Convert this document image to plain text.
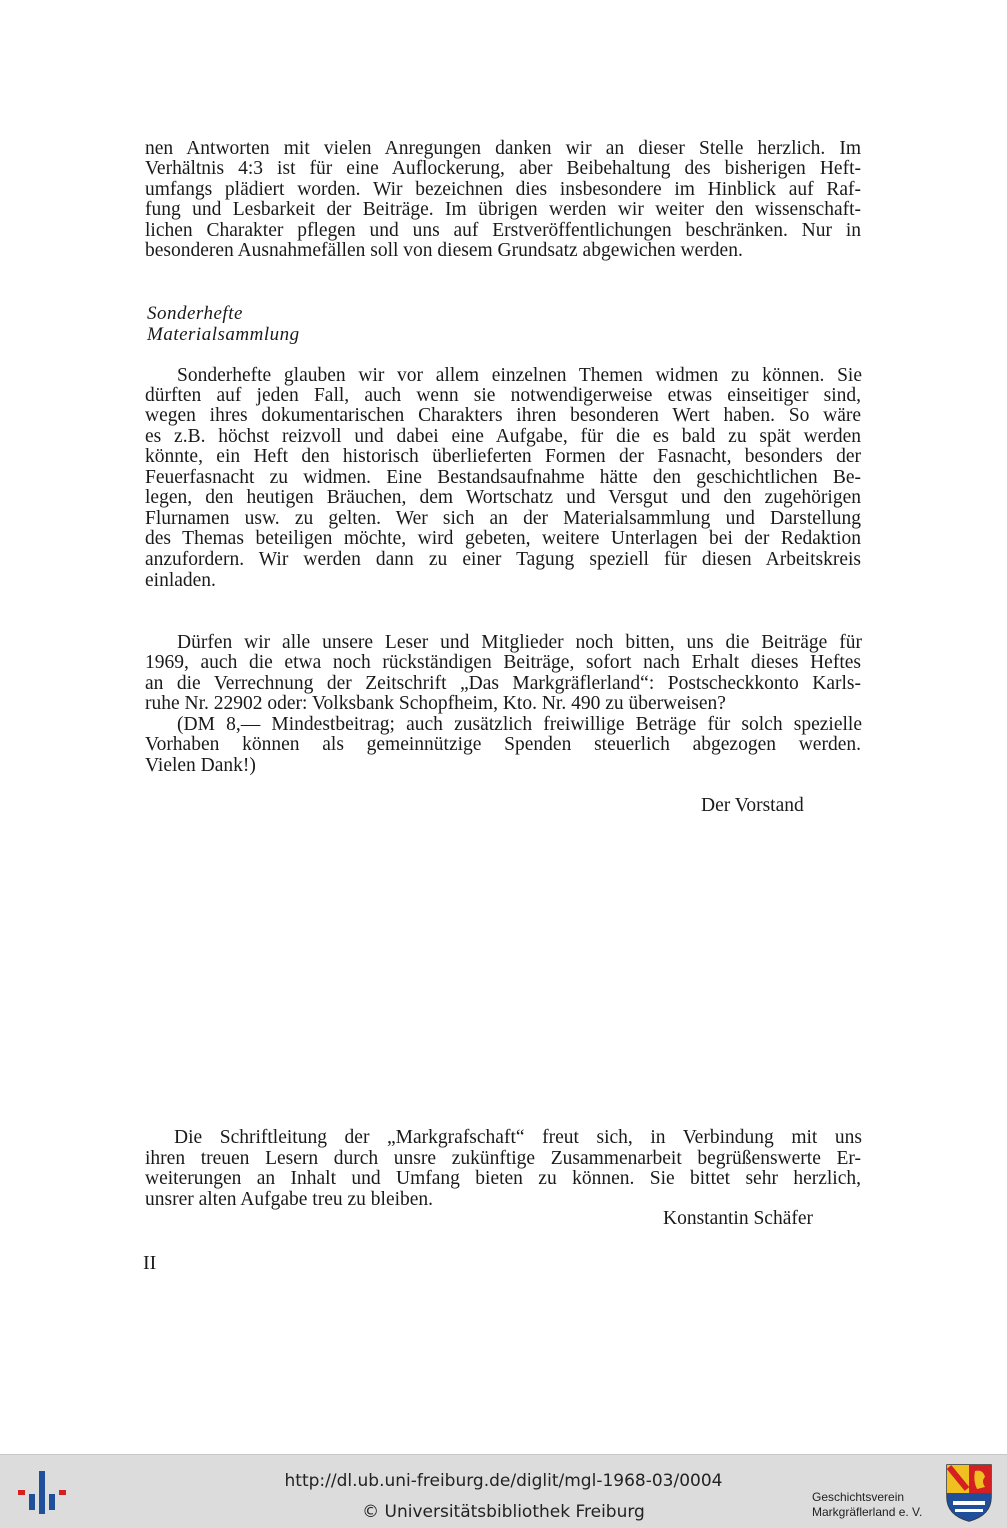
nen Antworten mit vielen Anregungen danken wir an dieser Stelle herzlich. Im
Verhältnis 4:3 ist für eine Auflockerung, aber Beibehaltung des bisherigen Heft-
umfangs plädiert worden. Wir bezeichnen dies insbesondere im Hinblick auf Raf-
fung und Lesbarkeit der Beiträge. Im übrigen werden wir weiter den wissenschaft-
lichen Charakter pflegen und uns auf Erstveröffentlichungen beschränken. Nur in
besonderen Ausnahmefällen soll von diesem Grundsatz abgewichen werden.
Sonderhefte
Materialsammlung
Sonderhefte glauben wir vor allem einzelnen Themen widmen zu können. Sie
dürften auf jeden Fall, auch wenn sie notwendigerweise etwas einseitiger sind,
wegen ihres dokumentarischen Charakters ihren besonderen Wert haben. So wäre
es z.B. höchst reizvoll und dabei eine Aufgabe, für die es bald zu spät werden
könnte, ein Heft den historisch überlieferten Formen der Fasnacht, besonders der
Feuerfasnacht zu widmen. Eine Bestandsaufnahme hätte den geschichtlichen Be-
legen, den heutigen Bräuchen, dem Wortschatz und Versgut und den zugehörigen
Flurnamen usw. zu gelten. Wer sich an der Materialsammlung und Darstellung
des Themas beteiligen möchte, wird gebeten, weitere Unterlagen bei der Redaktion
anzufordern. Wir werden dann zu einer Tagung speziell für diesen Arbeitskreis
einladen.
Dürfen wir alle unsere Leser und Mitglieder noch bitten, uns die Beiträge für
1969, auch die etwa noch rückständigen Beiträge, sofort nach Erhalt dieses Heftes
an die Verrechnung der Zeitschrift „Das Markgräflerland“: Postscheckkonto Karls-
ruhe Nr. 22902 oder: Volksbank Schopfheim, Kto. Nr. 490 zu überweisen?
(DM 8,— Mindestbeitrag; auch zusätzlich freiwillige Beträge für solch spezielle
Vorhaben können als gemeinnützige Spenden steuerlich abgezogen werden.
Vielen Dank!)
Der Vorstand
Die Schriftleitung der „Markgrafschaft“ freut sich, in Verbindung mit uns
ihren treuen Lesern durch unsre zukünftige Zusammenarbeit begrüßenswerte Er-
weiterungen an Inhalt und Umfang bieten zu können. Sie bittet sehr herzlich,
unsrer alten Aufgabe treu zu bleiben.
Konstantin Schäfer
II
http://dl.ub.uni-freiburg.de/diglit/mgl-1968-03/0004
© Universitätsbibliothek Freiburg
Geschichtsverein
Markgräflerland e. V.
